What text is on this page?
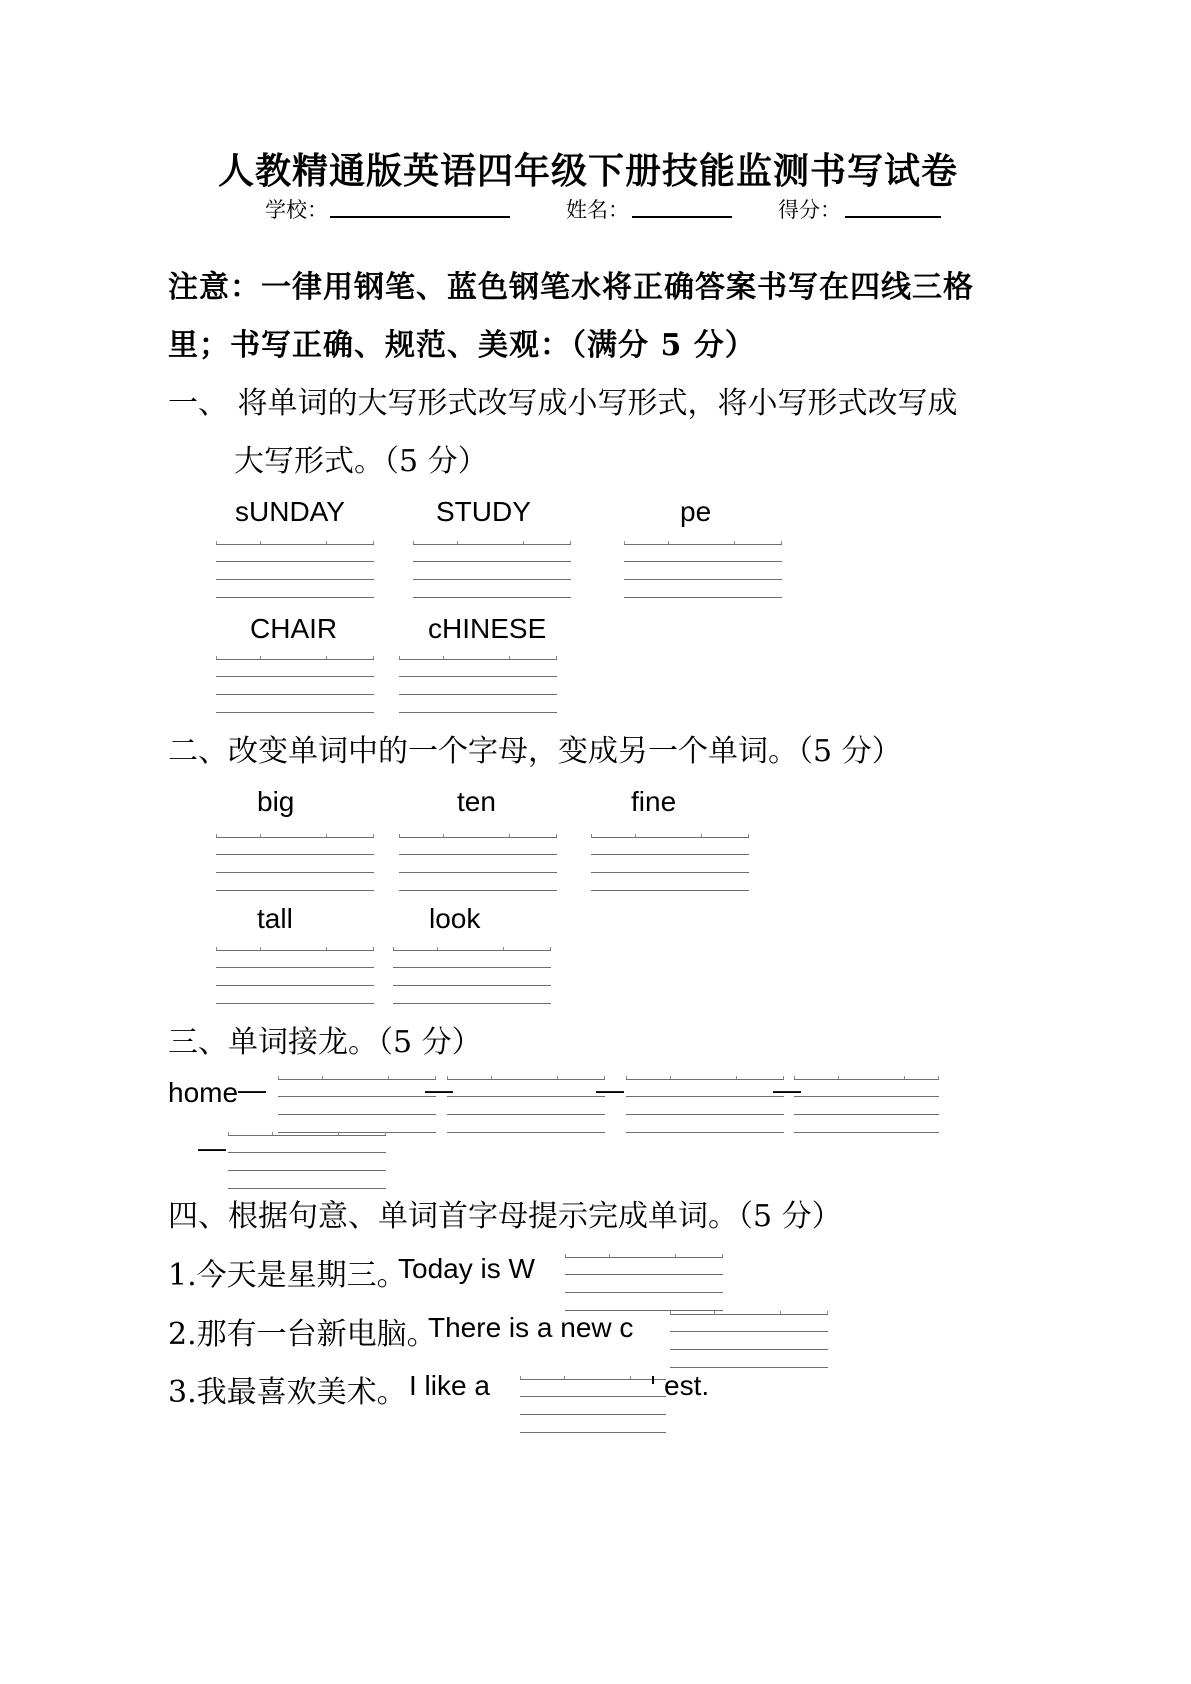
人教精通版英语四年级下册技能监测书写试卷
学校：	姓名：	得分：
注意：一律用钢笔、蓝色钢笔水将正确答案书写在四线三格
里；书写正确、规范、美观：（满分 5 分）
一、 将单词的大写形式改写成小写形式，将小写形式改写成
大写形式。（5 分）
sUNDAY	STUDY	pe
CHAIR	cHINESE
二、改变单词中的一个字母，变成另一个单词。（5 分）
big	ten	fine
tall	look
三、单词接龙。（5 分）
home —	—	—	—
—
四、根据句意、单词首字母提示完成单词。（5 分）
1.今天是星期三。
Today is W
2.那有一台新电脑。
There is a new c
3.我最喜欢美术。 I like a	est.
